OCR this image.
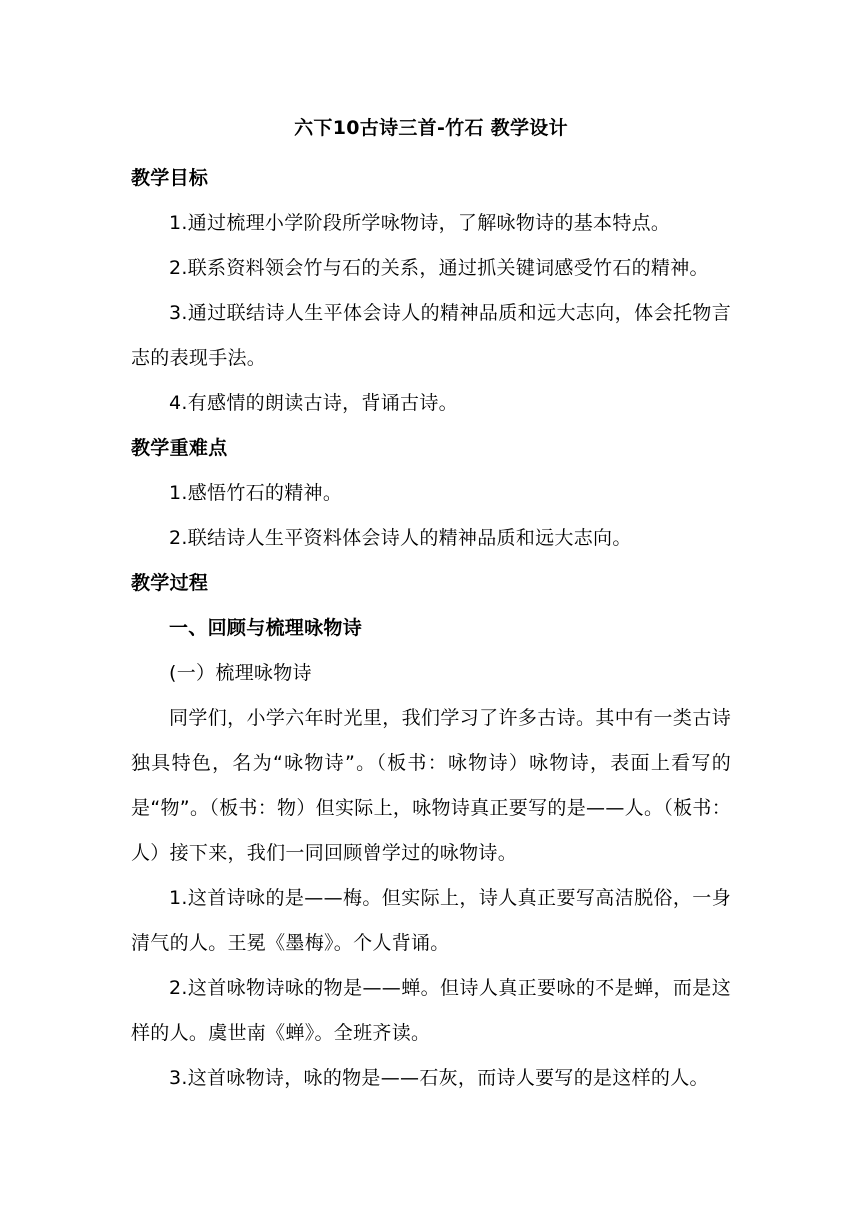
六下10古诗三首-竹石 教学设计

教学目标

1.通过梳理小学阶段所学咏物诗，了解咏物诗的基本特点。

2.联系资料领会竹与石的关系，通过抓关键词感受竹石的精神。

3.通过联结诗人生平体会诗人的精神品质和远大志向，体会托物言志的表现手法。

4.有感情的朗读古诗，背诵古诗。

教学重难点

1.感悟竹石的精神。

2.联结诗人生平资料体会诗人的精神品质和远大志向。

教学过程

一、回顾与梳理咏物诗

(一）梳理咏物诗

同学们，小学六年时光里，我们学习了许多古诗。其中有一类古诗独具特色，名为“咏物诗”。（板书：咏物诗）咏物诗，表面上看写的是“物”。（板书：物）但实际上，咏物诗真正要写的是——人。（板书：人）接下来，我们一同回顾曾学过的咏物诗。

1.这首诗咏的是——梅。但实际上，诗人真正要写高洁脱俗，一身清气的人。王冕《墨梅》。个人背诵。

2.这首咏物诗咏的物是——蝉。但诗人真正要咏的不是蝉，而是这样的人。虞世南《蝉》。全班齐读。

3.这首咏物诗，咏的物是——石灰，而诗人要写的是这样的人。
